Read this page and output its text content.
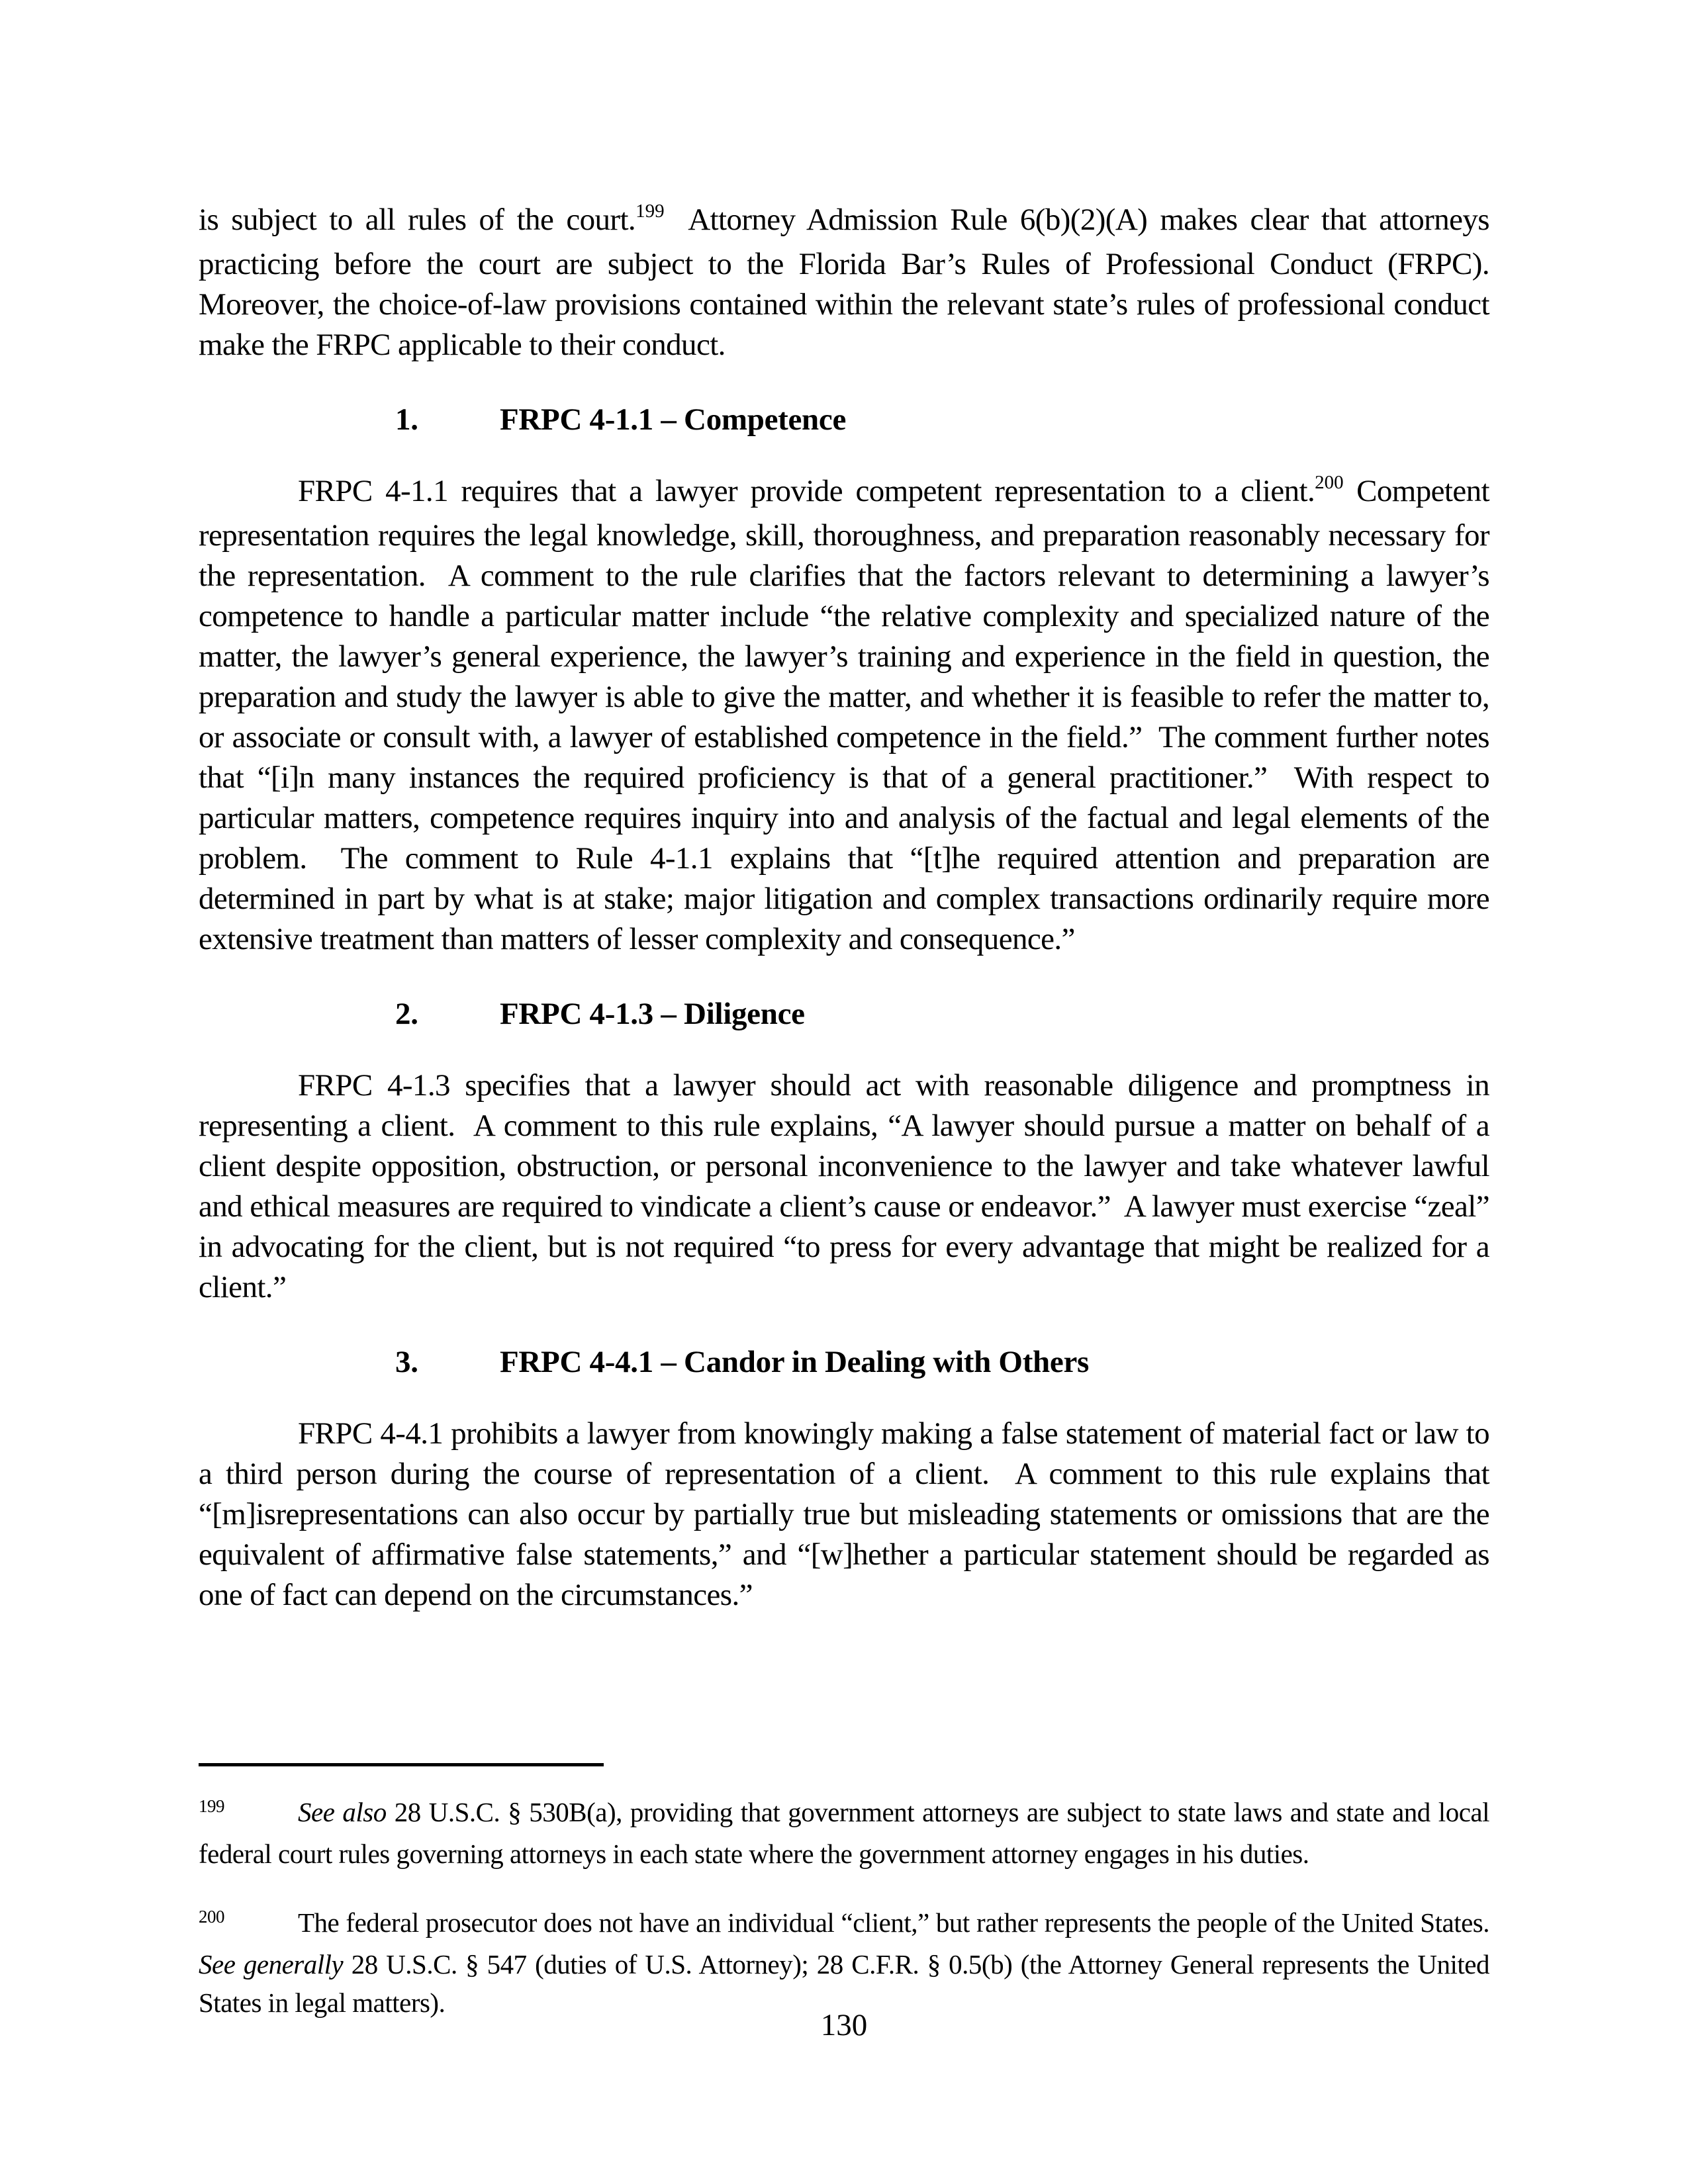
is subject to all rules of the court.$^{199}$  Attorney Admission Rule 6(b)(2)(A) makes clear that attorneys practicing before the court are subject to the Florida Bar’s Rules of Professional Conduct (FRPC).  Moreover, the choice-of-law provisions contained within the relevant state’s rules of professional conduct make the FRPC applicable to their conduct.

1.	FRPC 4-1.1 – Competence

FRPC 4-1.1 requires that a lawyer provide competent representation to a client.$^{200}$ Competent representation requires the legal knowledge, skill, thoroughness, and preparation reasonably necessary for the representation.  A comment to the rule clarifies that the factors relevant to determining a lawyer’s competence to handle a particular matter include “the relative complexity and specialized nature of the matter, the lawyer’s general experience, the lawyer’s training and experience in the field in question, the preparation and study the lawyer is able to give the matter, and whether it is feasible to refer the matter to, or associate or consult with, a lawyer of established competence in the field.”  The comment further notes that “[i]n many instances the required proficiency is that of a general practitioner.”  With respect to particular matters, competence requires inquiry into and analysis of the factual and legal elements of the problem.  The comment to Rule 4-1.1 explains that “[t]he required attention and preparation are determined in part by what is at stake; major litigation and complex transactions ordinarily require more extensive treatment than matters of lesser complexity and consequence.”

2.	FRPC 4-1.3 – Diligence

FRPC 4-1.3 specifies that a lawyer should act with reasonable diligence and promptness in representing a client.  A comment to this rule explains, “A lawyer should pursue a matter on behalf of a client despite opposition, obstruction, or personal inconvenience to the lawyer and take whatever lawful and ethical measures are required to vindicate a client’s cause or endeavor.”  A lawyer must exercise “zeal” in advocating for the client, but is not required “to press for every advantage that might be realized for a client.”

3.	FRPC 4-4.1 – Candor in Dealing with Others

FRPC 4-4.1 prohibits a lawyer from knowingly making a false statement of material fact or law to a third person during the course of representation of a client.  A comment to this rule explains that “[m]isrepresentations can also occur by partially true but misleading statements or omissions that are the equivalent of affirmative false statements,” and “[w]hether a particular statement should be regarded as one of fact can depend on the circumstances.”

199	See also 28 U.S.C. § 530B(a), providing that government attorneys are subject to state laws and state and local federal court rules governing attorneys in each state where the government attorney engages in his duties.

200	The federal prosecutor does not have an individual “client,” but rather represents the people of the United States.  See generally 28 U.S.C. § 547 (duties of U.S. Attorney); 28 C.F.R. § 0.5(b) (the Attorney General represents the United States in legal matters).

130
